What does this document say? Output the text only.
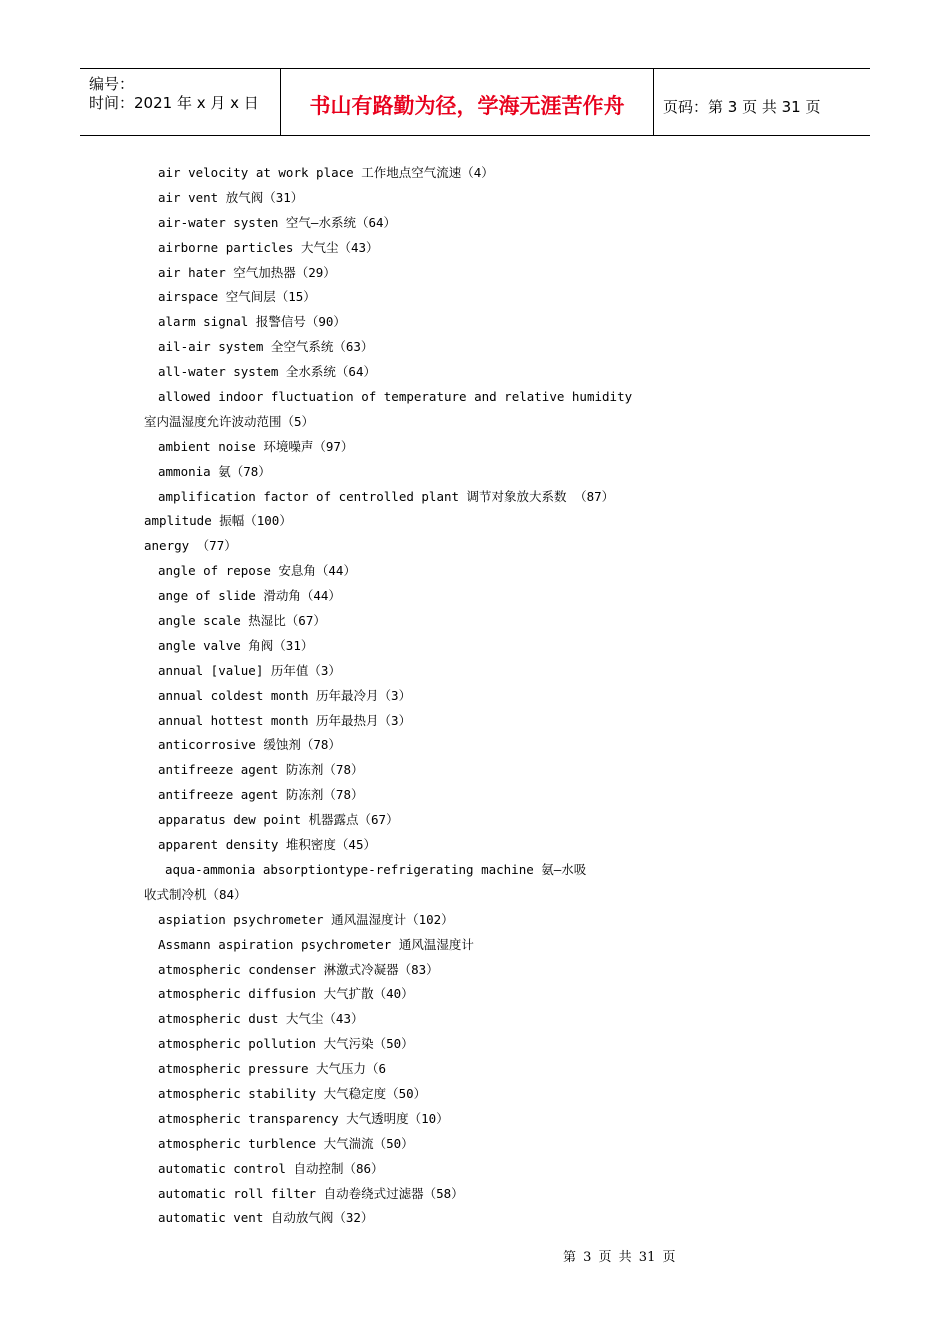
编号：
时间：2021 年 x 月 x 日	书山有路勤为径，学海无涯苦作舟	页码：第 3 页 共 31 页
air velocity at work place 工作地点空气流速（4）
air vent 放气阀（31）
air-water systen 空气—水系统（64）
airborne particles 大气尘（43）
air hater 空气加热器（29）
airspace 空气间层（15）
alarm signal 报警信号（90）
ail-air system 全空气系统（63）
all-water system 全水系统（64）
allowed indoor fluctuation of temperature and relative humidity
室内温湿度允许波动范围（5）
ambient noise 环境噪声（97）
ammonia 氨（78）
amplification factor of centrolled plant 调节对象放大系数 （87）
amplitude 振幅（100）
anergy （77）
angle of repose 安息角（44）
ange of slide 滑动角（44）
angle scale 热湿比（67）
angle valve 角阀（31）
annual [value] 历年值（3）
annual coldest month 历年最冷月（3）
annual hottest month 历年最热月（3）
anticorrosive 缓蚀剂（78）
antifreeze agent 防冻剂（78）
antifreeze agent 防冻剂（78）
apparatus dew point 机器露点（67）
apparent density 堆积密度（45）
aqua-ammonia absorptiontype-refrigerating machine 氨—水吸
收式制冷机（84）
aspiation psychrometer 通风温湿度计（102）
Assmann aspiration psychrometer 通风温湿度计
atmospheric condenser 淋激式冷凝器（83）
atmospheric diffusion 大气扩散（40）
atmospheric dust 大气尘（43）
atmospheric pollution 大气污染（50）
atmospheric pressure 大气压力（6
atmospheric stability 大气稳定度（50）
atmospheric transparency 大气透明度（10）
atmospheric turblence 大气湍流（50）
automatic control 自动控制（86）
automatic roll filter 自动卷绕式过滤器（58）
automatic vent 自动放气阀（32）
第 3 页 共 31 页
